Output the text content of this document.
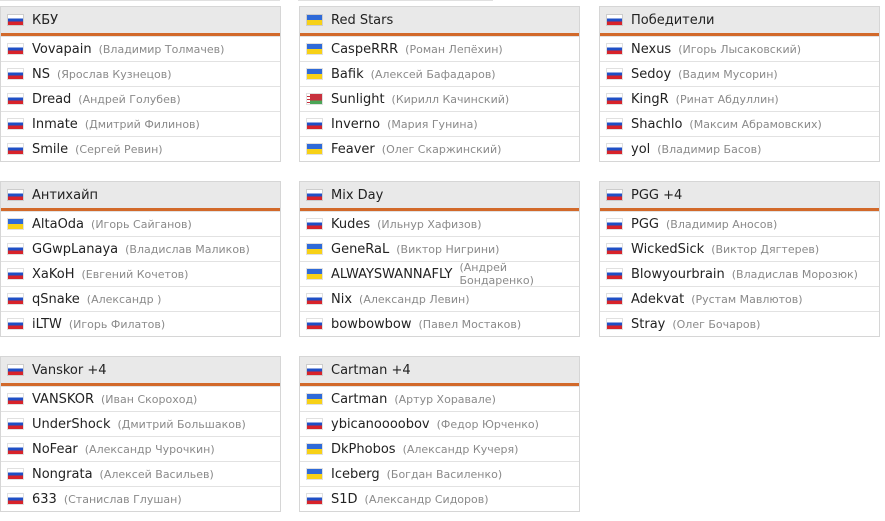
КБУ
Vovapain (Владимир Толмачев)
NS (Ярослав Кузнецов)
Dread (Андрей Голубев)
Inmate (Дмитрий Филинов)
Smile (Сергей Ревин)
Red Stars
CaspeRRR (Роман Лепёхин)
Bafik (Алексей Бафадаров)
Sunlight (Кирилл Качинский)
Inverno (Мария Гунина)
Feaver (Олег Скаржинский)
Победители
Nexus (Игорь Лысаковский)
Sedoy (Вадим Мусорин)
KingR (Ринат Абдуллин)
Shachlo (Максим Абрамовских)
yol (Владимир Басов)
Антихайп
AltaOda (Игорь Сайганов)
GGwpLanaya (Владислав Маликов)
XaKoH (Евгений Кочетов)
qSnake (Александр )
iLTW (Игорь Филатов)
Mix Day
Kudes (Ильнур Хафизов)
GeneRaL (Виктор Нигрини)
ALWAYSWANNAFLY (Андрей Бондаренко)
Nix (Александр Левин)
bowbowbow (Павел Мостаков)
PGG +4
PGG (Владимир Аносов)
WickedSick (Виктор Дягтерев)
Blowyourbrain (Владислав Морозюк)
Adekvat (Рустам Мавлютов)
Stray (Олег Бочаров)
Vanskor +4
VANSKOR (Иван Скороход)
UnderShock (Дмитрий Большаков)
NoFear (Александр Чурочкин)
Nongrata (Алексей Васильев)
633 (Станислав Глушан)
Cartman +4
Cartman (Артур Хоравале)
ybicanoooobov (Федор Юрченко)
DkPhobos (Александр Кучеря)
Iceberg (Богдан Василенко)
S1D (Александр Сидоров)
